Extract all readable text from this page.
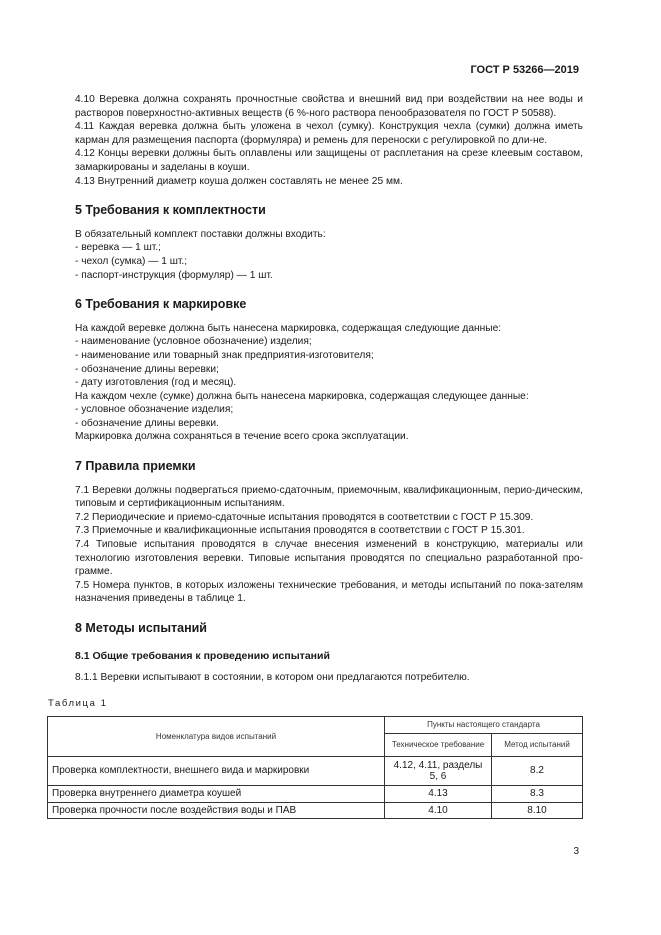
ГОСТ Р 53266—2019

4.10 Веревка должна сохранять прочностные свойства и внешний вид при воздействии на нее воды и растворов поверхностно-активных веществ (6 %-ного раствора пенообразователя по ГОСТ Р 50588).

4.11 Каждая веревка должна быть уложена в чехол (сумку). Конструкция чехла (сумки) должна иметь карман для размещения паспорта (формуляра) и ремень для переноски с регулировкой по дли-не.

4.12 Концы веревки должны быть оплавлены или защищены от расплетания на срезе клеевым составом, замаркированы и заделаны в коуши.

4.13 Внутренний диаметр коуша должен составлять не менее 25 мм.

5 Требования к комплектности

В обязательный комплект поставки должны входить:

- веревка — 1 шт.;

- чехол (сумка) — 1 шт.;

- паспорт-инструкция (формуляр) — 1 шт.

6 Требования к маркировке

На каждой веревке должна быть нанесена маркировка, содержащая следующие данные:

- наименование (условное обозначение) изделия;

- наименование или товарный знак предприятия-изготовителя;

- обозначение длины веревки;

- дату изготовления (год и месяц).

На каждом чехле (сумке) должна быть нанесена маркировка, содержащая следующее данные:

- условное обозначение изделия;

- обозначение длины веревки.

Маркировка должна сохраняться в течение всего срока эксплуатации.

7 Правила приемки

7.1 Веревки должны подвергаться приемо-сдаточным, приемочным, квалификационным, перио-дическим, типовым и сертификационным испытаниям.

7.2 Периодические и приемо-сдаточные испытания проводятся в соответствии с ГОСТ Р 15.309.

7.3 Приемочные и квалификационные испытания проводятся в соответствии с ГОСТ Р 15.301.

7.4 Типовые испытания проводятся в случае внесения изменений в конструкцию, материалы или технологию изготовления веревки. Типовые испытания проводятся по специально разработанной про-грамме.

7.5 Номера пунктов, в которых изложены технические требования, и методы испытаний по пока-зателям назначения приведены в таблице 1.

8 Методы испытаний
8.1 Общие требования к проведению испытаний

8.1.1 Веревки испытывают в состоянии, в котором они предлагаются потребителю.

Таблица 1
Номенклатура видов испытаний	Пункты настоящего стандарта	
	Техническое требование	Метод испытаний
Проверка комплектности, внешнего вида и маркировки	4.12, 4.11, разделы 5, 6	8.2
Проверка внутреннего диаметра коушей	4.13	8.3
Проверка прочности после воздействия воды и ПАВ	4.10	8.10
3
